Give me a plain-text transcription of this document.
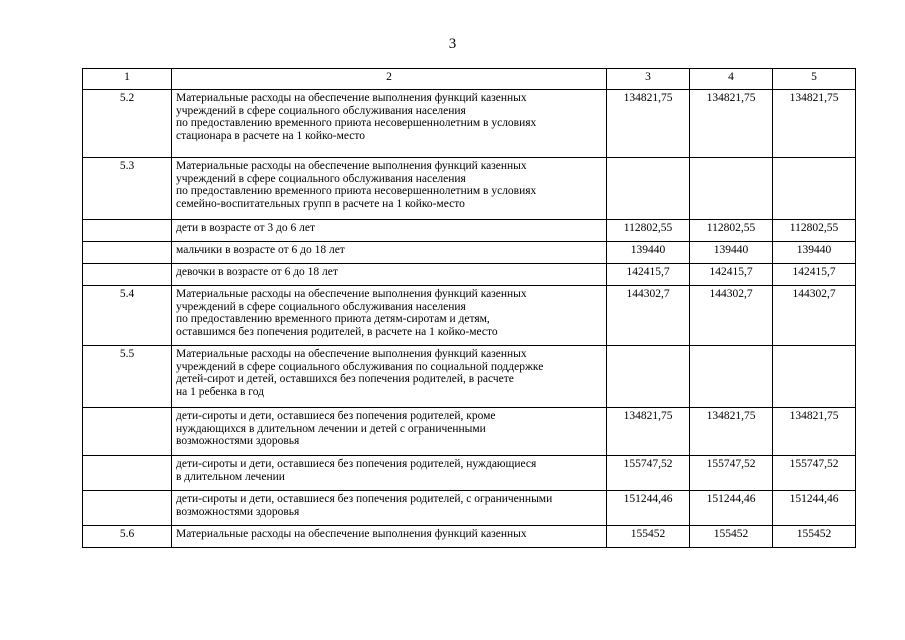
3
1	2	3	4	5
5.2	Материальные расходы на обеспечение выполнения функций казенных
учреждений в сфере социального обслуживания населения
по предоставлению временного приюта несовершеннолетним в условиях
стационара в расчете на 1 койко-место	134821,75	134821,75	134821,75
5.3	Материальные расходы на обеспечение выполнения функций казенных
учреждений в сфере социального обслуживания населения
по предоставлению временного приюта несовершеннолетним в условиях
семейно-воспитательных групп в расчете на 1 койко-место			
	дети в возрасте от 3 до 6 лет	112802,55	112802,55	112802,55
	мальчики в возрасте от 6 до 18 лет	139440	139440	139440
	девочки в возрасте от 6 до 18 лет	142415,7	142415,7	142415,7
5.4	Материальные расходы на обеспечение выполнения функций казенных
учреждений в сфере социального обслуживания населения
по предоставлению временного приюта детям-сиротам и детям,
оставшимся без попечения родителей, в расчете на 1 койко-место	144302,7	144302,7	144302,7
5.5	Материальные расходы на обеспечение выполнения функций казенных
учреждений в сфере социального обслуживания по социальной поддержке
детей-сирот и детей, оставшихся без попечения родителей, в расчете
на 1 ребенка в год			
	дети-сироты и дети, оставшиеся без попечения родителей, кроме
нуждающихся в длительном лечении и детей с ограниченными
возможностями здоровья	134821,75	134821,75	134821,75
	дети-сироты и дети, оставшиеся без попечения родителей, нуждающиеся
в длительном лечении	155747,52	155747,52	155747,52
	дети-сироты и дети, оставшиеся без попечения родителей, с ограниченными
возможностями здоровья	151244,46	151244,46	151244,46
5.6	Материальные расходы на обеспечение выполнения функций казенных	155452	155452	155452
